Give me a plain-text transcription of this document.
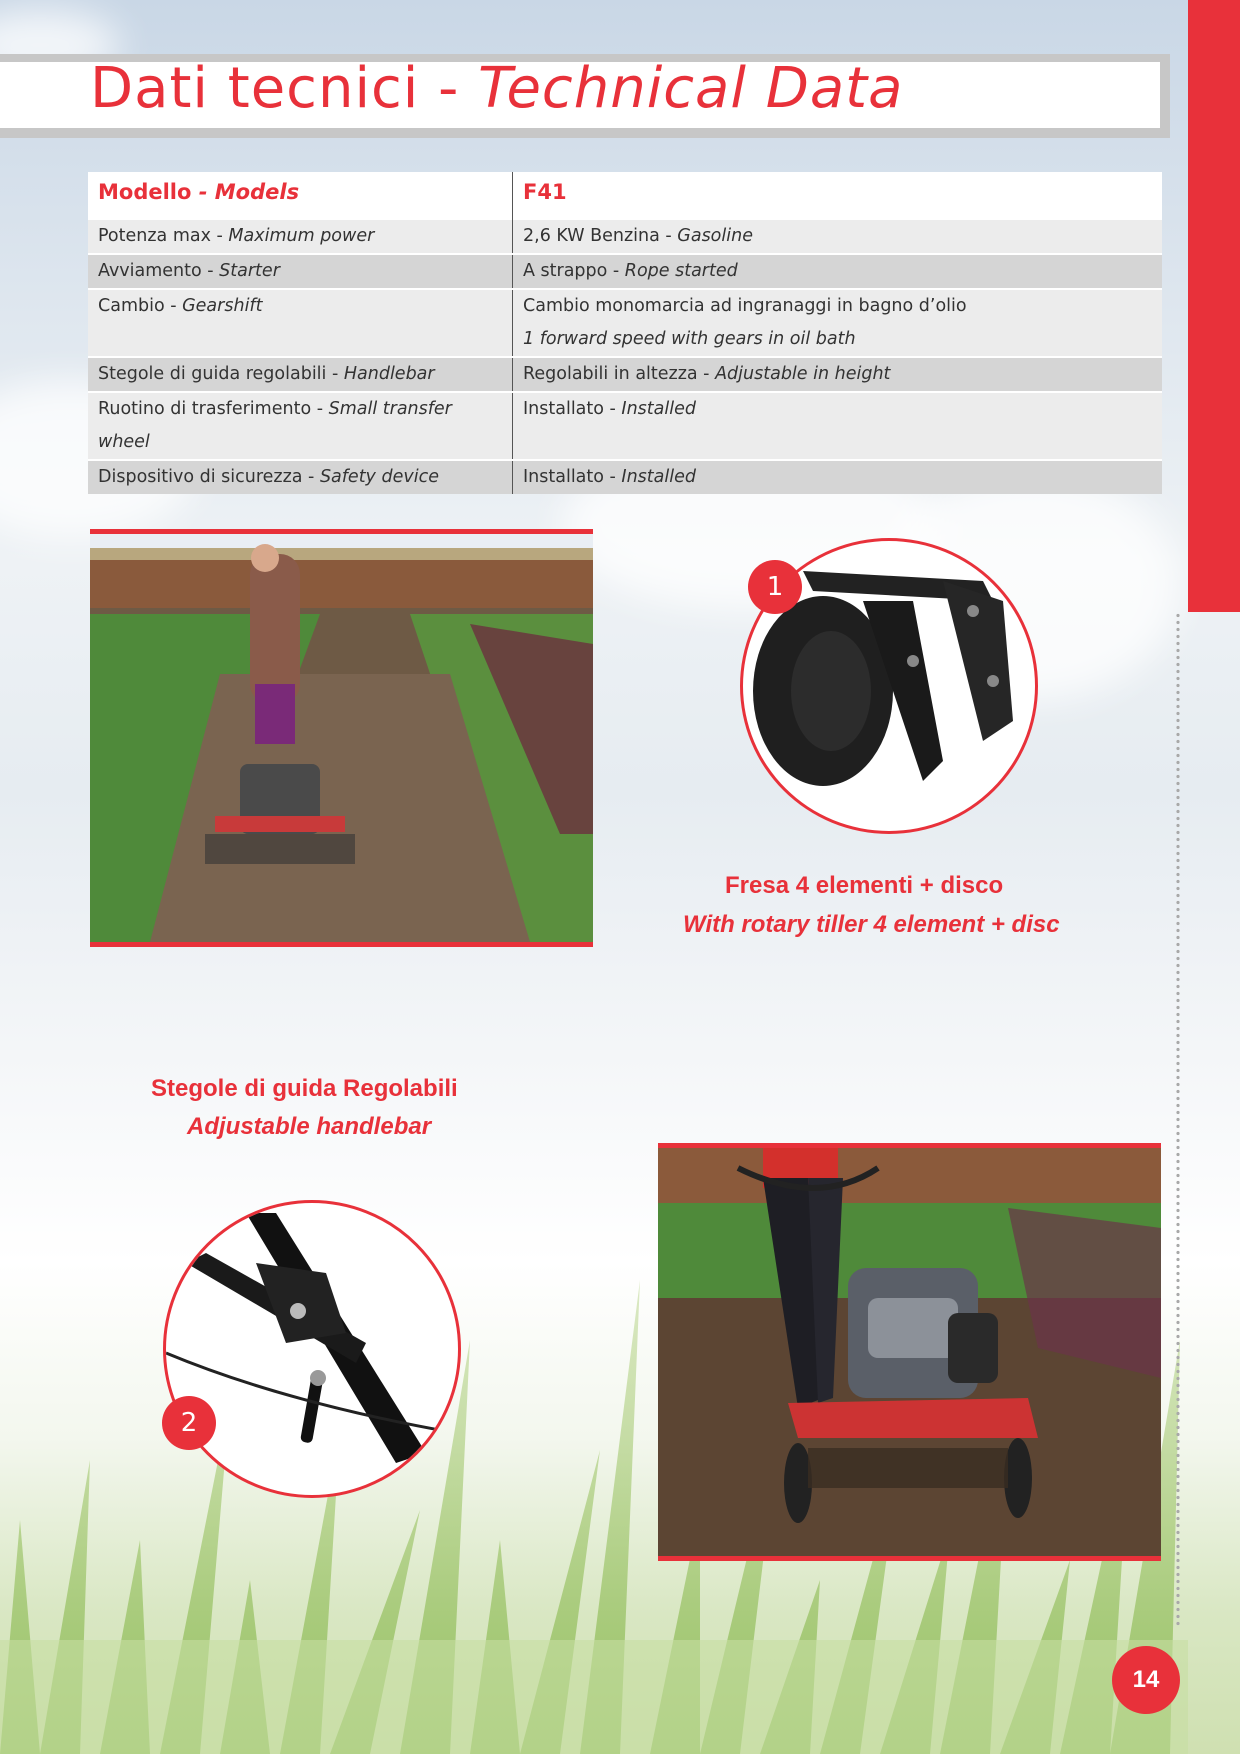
Dati tecnici - Technical Data
Modello - Models	F41
Potenza max - Maximum power	2,6 KW Benzina - Gasoline
Avviamento - Starter	A strappo - Rope started
Cambio - Gearshift	Cambio monomarcia ad ingranaggi in bagno d’olio
1 forward speed with gears in oil bath

Stegole di guida regolabili - Handlebar	Regolabili in altezza - Adjustable in height
Ruotino di trasferimento - Small transfer wheel	Installato - Installed
Dispositivo di sicurezza - Safety device	Installato - Installed
1
Fresa 4 elementi + disco
With rotary tiller 4 element + disc
Stegole di guida Regolabili
Adjustable handlebar
2
14
